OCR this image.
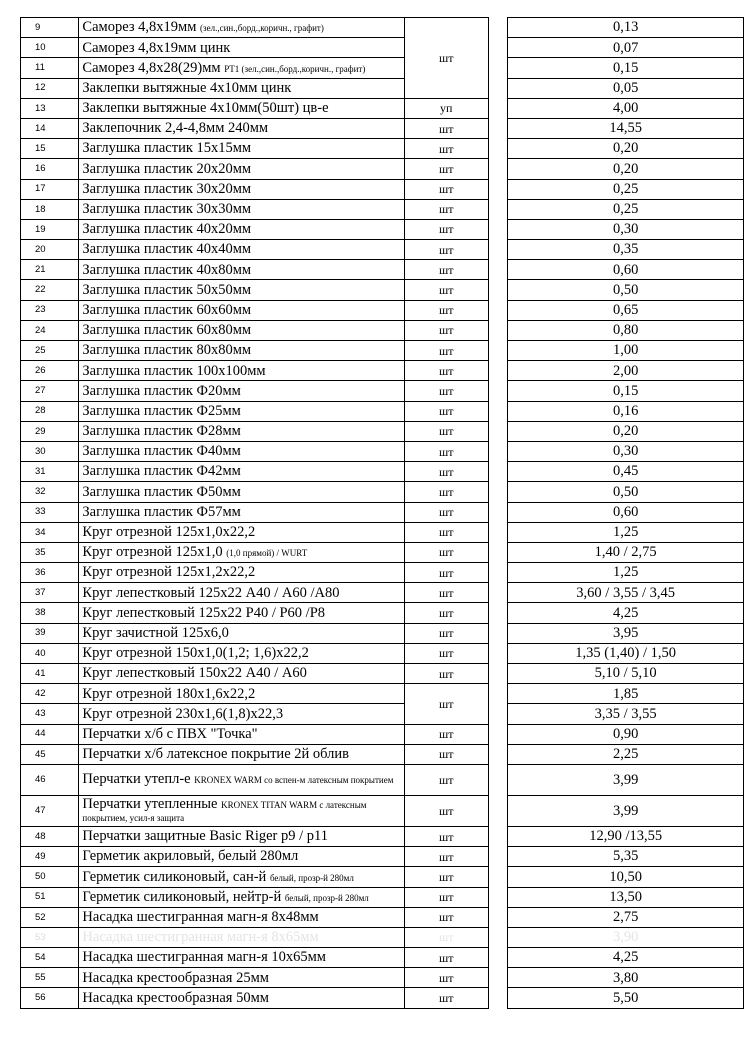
9	Саморез 4,8х19мм (зел.,син.,борд.,коричн., графит)	шт		0,13
10	Саморез 4,8х19мм цинк			0,07
11	Саморез 4,8х28(29)мм РТ1 (зел.,син.,борд.,коричн., графит)			0,15
12	Заклепки вытяжные 4х10мм цинк			0,05
13	Заклепки вытяжные 4х10мм(50шт) цв-е	уп		4,00
14	Заклепочник 2,4-4,8мм 240мм	шт		14,55
15	Заглушка пластик 15х15мм	шт		0,20
16	Заглушка пластик 20х20мм	шт		0,20
17	Заглушка пластик 30х20мм	шт		0,25
18	Заглушка пластик 30х30мм	шт		0,25
19	Заглушка пластик 40х20мм	шт		0,30
20	Заглушка пластик 40х40мм	шт		0,35
21	Заглушка пластик 40х80мм	шт		0,60
22	Заглушка пластик 50х50мм	шт		0,50
23	Заглушка пластик 60х60мм	шт		0,65
24	Заглушка пластик 60х80мм	шт		0,80
25	Заглушка пластик 80х80мм	шт		1,00
26	Заглушка пластик 100х100мм	шт		2,00
27	Заглушка пластик Ф20мм	шт		0,15
28	Заглушка пластик Ф25мм	шт		0,16
29	Заглушка пластик Ф28мм	шт		0,20
30	Заглушка пластик Ф40мм	шт		0,30
31	Заглушка пластик Ф42мм	шт		0,45
32	Заглушка пластик Ф50мм	шт		0,50
33	Заглушка пластик Ф57мм	шт		0,60
34	Круг отрезной 125х1,0х22,2	шт		1,25
35	Круг отрезной 125х1,0 (1,0 прямой) / WURT	шт		1,40 / 2,75
36	Круг отрезной 125х1,2х22,2	шт		1,25
37	Круг лепестковый 125х22 А40 / А60 /А80	шт		3,60 / 3,55 / 3,45
38	Круг лепестковый 125х22 Р40 / Р60 /Р8	шт		4,25
39	Круг зачистной 125х6,0	шт		3,95
40	Круг отрезной 150х1,0(1,2; 1,6)х22,2	шт		1,35 (1,40) / 1,50
41	Круг лепестковый 150х22 А40 / А60	шт		5,10 / 5,10
42	Круг отрезной 180х1,6х22,2	шт		1,85
43	Круг отрезной 230х1,6(1,8)х22,3			3,35 / 3,55
44	Перчатки х/б с ПВХ "Точка"	шт		0,90
45	Перчатки х/б латексное покрытие 2й облив	шт		2,25
46	Перчатки утепл-е KRONEX WARM со вспен-м латексным покрытием	шт		3,99
47	Перчатки утепленные KRONEX TITAN WARM с латексным покрытием, усил-я защита	шт		3,99
48	Перчатки защитные Basic Riger p9 / p11	шт		12,90 /13,55
49	Герметик акриловый, белый 280мл	шт		5,35
50	Герметик силиконовый, сан-й белый, прозр-й 280мл	шт		10,50
51	Герметик силиконовый, нейтр-й белый, прозр-й 280мл	шт		13,50
52	Насадка шестигранная магн-я 8х48мм	шт		2,75
53	Насадка шестигранная магн-я 8х65мм	шт		3,90
54	Насадка шестигранная магн-я 10х65мм	шт		4,25
55	Насадка крестообразная 25мм	шт		3,80
56	Насадка крестообразная 50мм	шт		5,50
